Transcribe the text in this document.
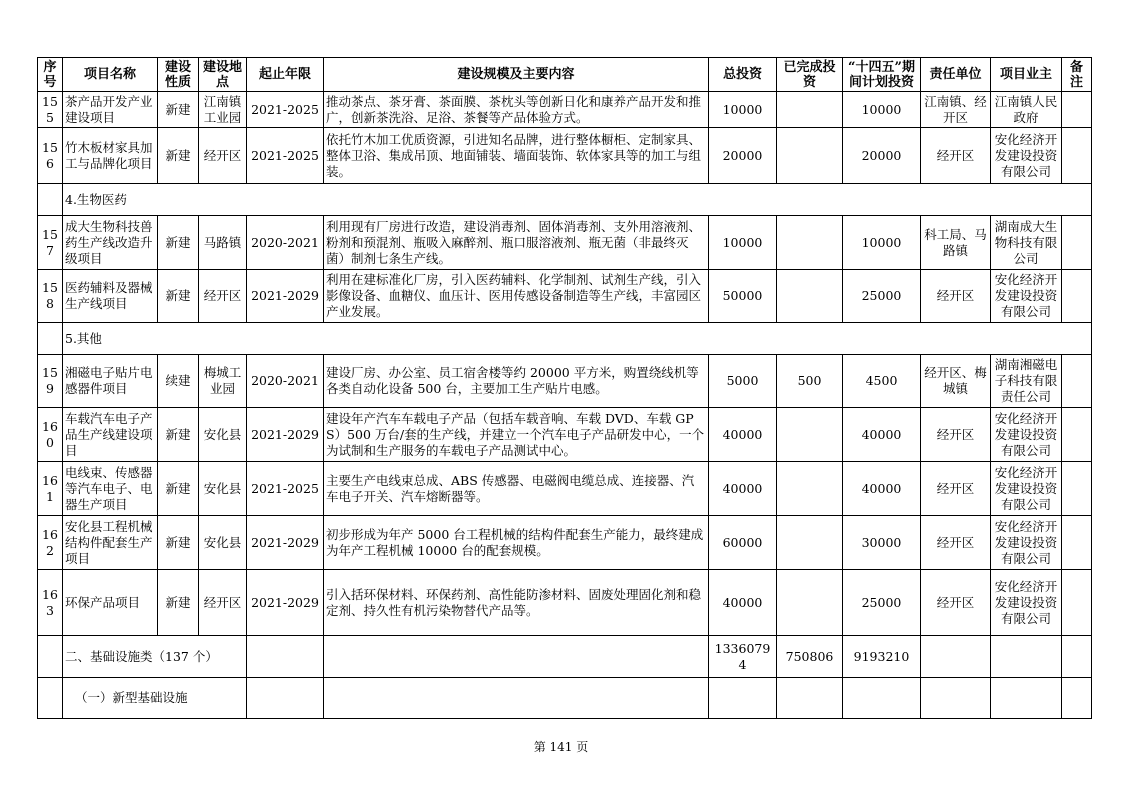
序号	项目名称	建设性质	建设地点	起止年限	建设规模及主要内容	总投资	已完成投资	“十四五”期间计划投资	责任单位	项目业主	备注
155	茶产品开发产业建设项目	新建	江南镇工业园	2021-2025	推动茶点、茶牙膏、茶面膜、茶枕头等创新日化和康养产品开发和推广，创新茶洗浴、足浴、茶餐等产品体验方式。	10000		10000	江南镇、经开区	江南镇人民政府	
156	竹木板材家具加工与品牌化项目	新建	经开区	2021-2025	依托竹木加工优质资源，引进知名品牌，进行整体橱柜、定制家具、整体卫浴、集成吊顶、地面铺装、墙面装饰、软体家具等的加工与组装。	20000		20000	经开区	安化经济开发建设投资有限公司	
	4.生物医药										
157	成大生物科技兽药生产线改造升级项目	新建	马路镇	2020-2021	利用现有厂房进行改造，建设消毒剂、固体消毒剂、支外用溶液剂、粉剂和预混剂、瓶吸入麻醉剂、瓶口服溶液剂、瓶无菌（非最终灭菌）制剂七条生产线。	10000		10000	科工局、马路镇	湖南成大生物科技有限公司	
158	医药辅料及器械生产线项目	新建	经开区	2021-2029	利用在建标准化厂房，引入医药辅料、化学制剂、试剂生产线，引入影像设备、血糖仪、血压计、医用传感设备制造等生产线，丰富园区产业发展。	50000		25000	经开区	安化经济开发建设投资有限公司	
	5.其他										
159	湘磁电子贴片电感器件项目	续建	梅城工业园	2020-2021	建设厂房、办公室、员工宿舍楼等约 20000 平方米，购置绕线机等各类自动化设备 500 台，主要加工生产贴片电感。	5000	500	4500	经开区、梅城镇	湖南湘磁电子科技有限责任公司	
160	车载汽车电子产品生产线建设项目	新建	安化县	2021-2029	建设年产汽车车载电子产品（包括车载音响、车载 DVD、车载 GPS）500 万台/套的生产线，并建立一个汽车电子产品研发中心，一个为试制和生产服务的车载电子产品测试中心。	40000		40000	经开区	安化经济开发建设投资有限公司	
161	电线束、传感器等汽车电子、电器生产项目	新建	安化县	2021-2025	主要生产电线束总成、ABS 传感器、电磁阀电缆总成、连接器、汽车电子开关、汽车熔断器等。	40000		40000	经开区	安化经济开发建设投资有限公司	
162	安化县工程机械结构件配套生产项目	新建	安化县	2021-2029	初步形成为年产 5000 台工程机械的结构件配套生产能力，最终建成为年产工程机械 10000 台的配套规模。	60000		30000	经开区	安化经济开发建设投资有限公司	
163	环保产品项目	新建	经开区	2021-2029	引入括环保材料、环保药剂、高性能防渗材料、固废处理固化剂和稳定剂、持久性有机污染物替代产品等。	40000		25000	经开区	安化经济开发建设投资有限公司	
	二、基础设施类（137 个）					13360794	750806	9193210			
	（一）新型基础设施										
第 141 页
